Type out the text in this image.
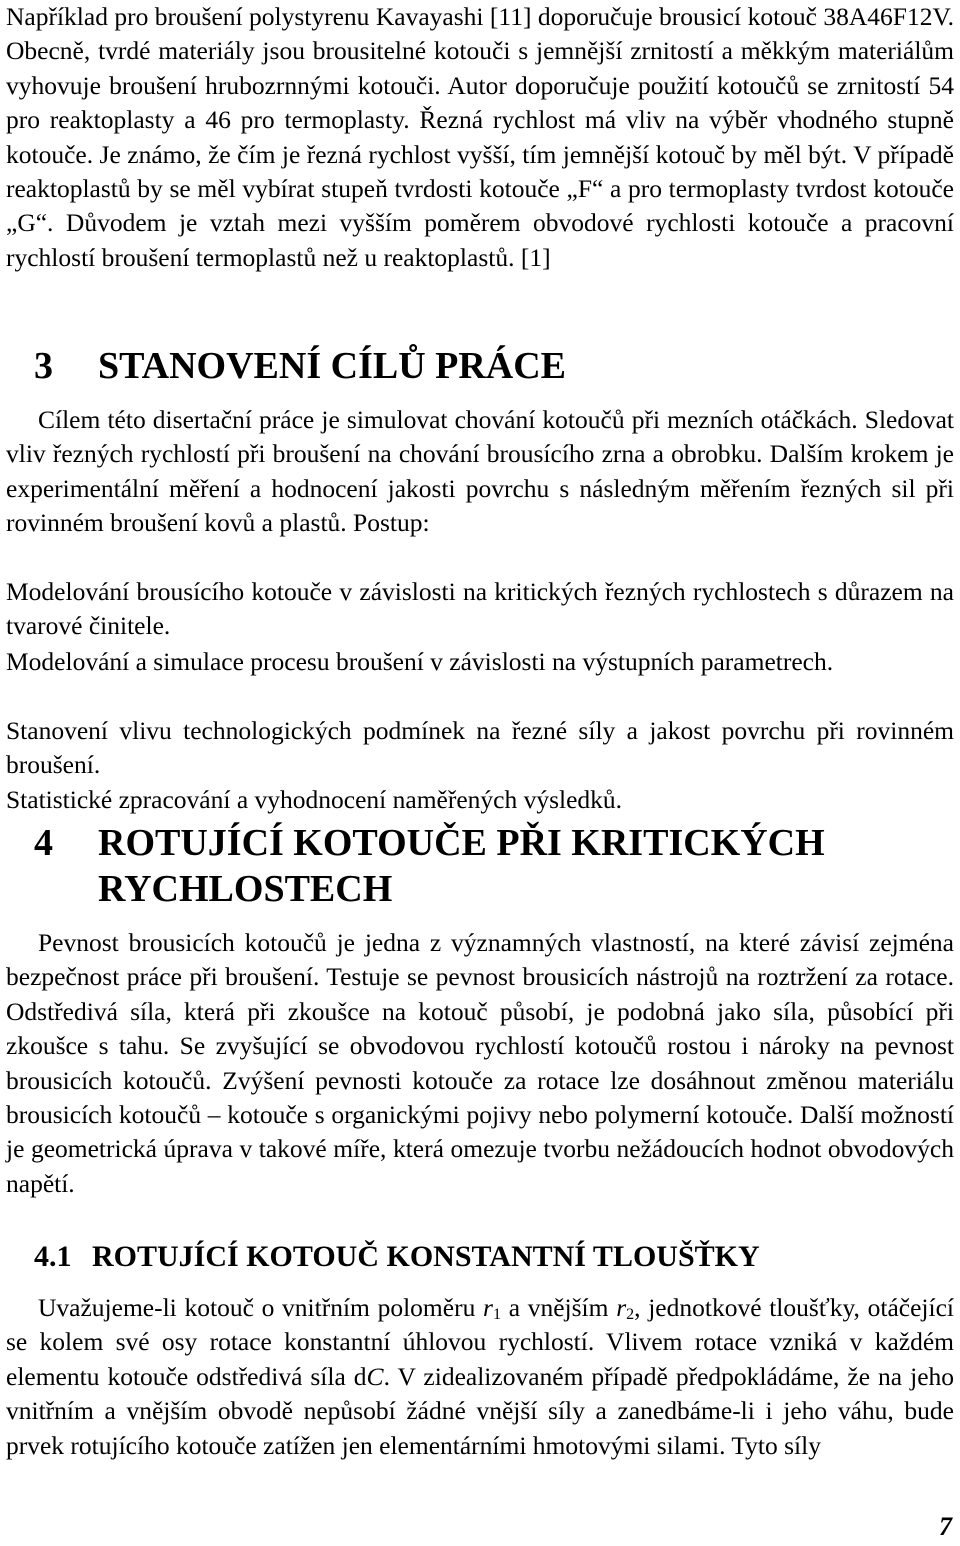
Například pro broušení polystyrenu Kavayashi [11] doporučuje brousicí kotouč 38A46F12V. Obecně, tvrdé materiály jsou brousitelné kotouči s jemnější zrnitostí a měkkým materiálům vyhovuje broušení hrubozrnnými kotouči. Autor doporučuje použití kotoučů se zrnitostí 54 pro reaktoplasty a 46 pro termoplasty. Řezná rychlost má vliv na výběr vhodného stupně kotouče. Je známo, že čím je řezná rychlost vyšší, tím jemnější kotouč by měl být. V případě reaktoplastů by se měl vybírat stupeň tvrdosti kotouče „F“ a pro termoplasty tvrdost kotouče „G“. Důvodem je vztah mezi vyšším poměrem obvodové rychlosti kotouče a pracovní rychlostí broušení termoplastů než u reaktoplastů. [1]

3 STANOVENÍ CÍLŮ PRÁCE

Cílem této disertační práce je simulovat chování kotoučů při mezních otáčkách. Sledovat vliv řezných rychlostí při broušení na chování brousícího zrna a obrobku. Dalším krokem je experimentální měření a hodnocení jakosti povrchu s následným měřením řezných sil při rovinném broušení kovů a plastů. Postup:

Modelování brousícího kotouče v závislosti na kritických řezných rychlostech s důrazem na tvarové činitele.

Modelování a simulace procesu broušení v závislosti na výstupních parametrech.

Stanovení vlivu technologických podmínek na řezné síly a jakost povrchu při rovinném broušení.

Statistické zpracování a vyhodnocení naměřených výsledků.

4 ROTUJÍCÍ KOTOUČE PŘI KRITICKÝCH
RYCHLOSTECH

Pevnost brousicích kotoučů je jedna z významných vlastností, na které závisí zejména bezpečnost práce při broušení. Testuje se pevnost brousicích nástrojů na roztržení za rotace. Odstředivá síla, která při zkoušce na kotouč působí, je podobná jako síla, působící při zkoušce s tahu. Se zvyšující se obvodovou rychlostí kotoučů rostou i nároky na pevnost brousicích kotoučů. Zvýšení pevnosti kotouče za rotace lze dosáhnout změnou materiálu brousicích kotoučů – kotouče s organickými pojivy nebo polymerní kotouče. Další možností je geometrická úprava v takové míře, která omezuje tvorbu nežádoucích hodnot obvodových napětí.

4.1 ROTUJÍCÍ KOTOUČ KONSTANTNÍ TLOUŠŤKY

Uvažujeme-li kotouč o vnitřním poloměru $r_1$ a vnějším $r_2$, jednotkové tloušťky, otáčející se kolem své osy rotace konstantní úhlovou rychlostí. Vlivem rotace vzniká v každém elementu kotouče odstředivá síla dC. V zidealizovaném případě předpokládáme, že na jeho vnitřním a vnějším obvodě nepůsobí žádné vnější síly a zanedbáme-li i jeho váhu, bude prvek rotujícího kotouče zatížen jen elementárními hmotovými silami. Tyto síly

7
